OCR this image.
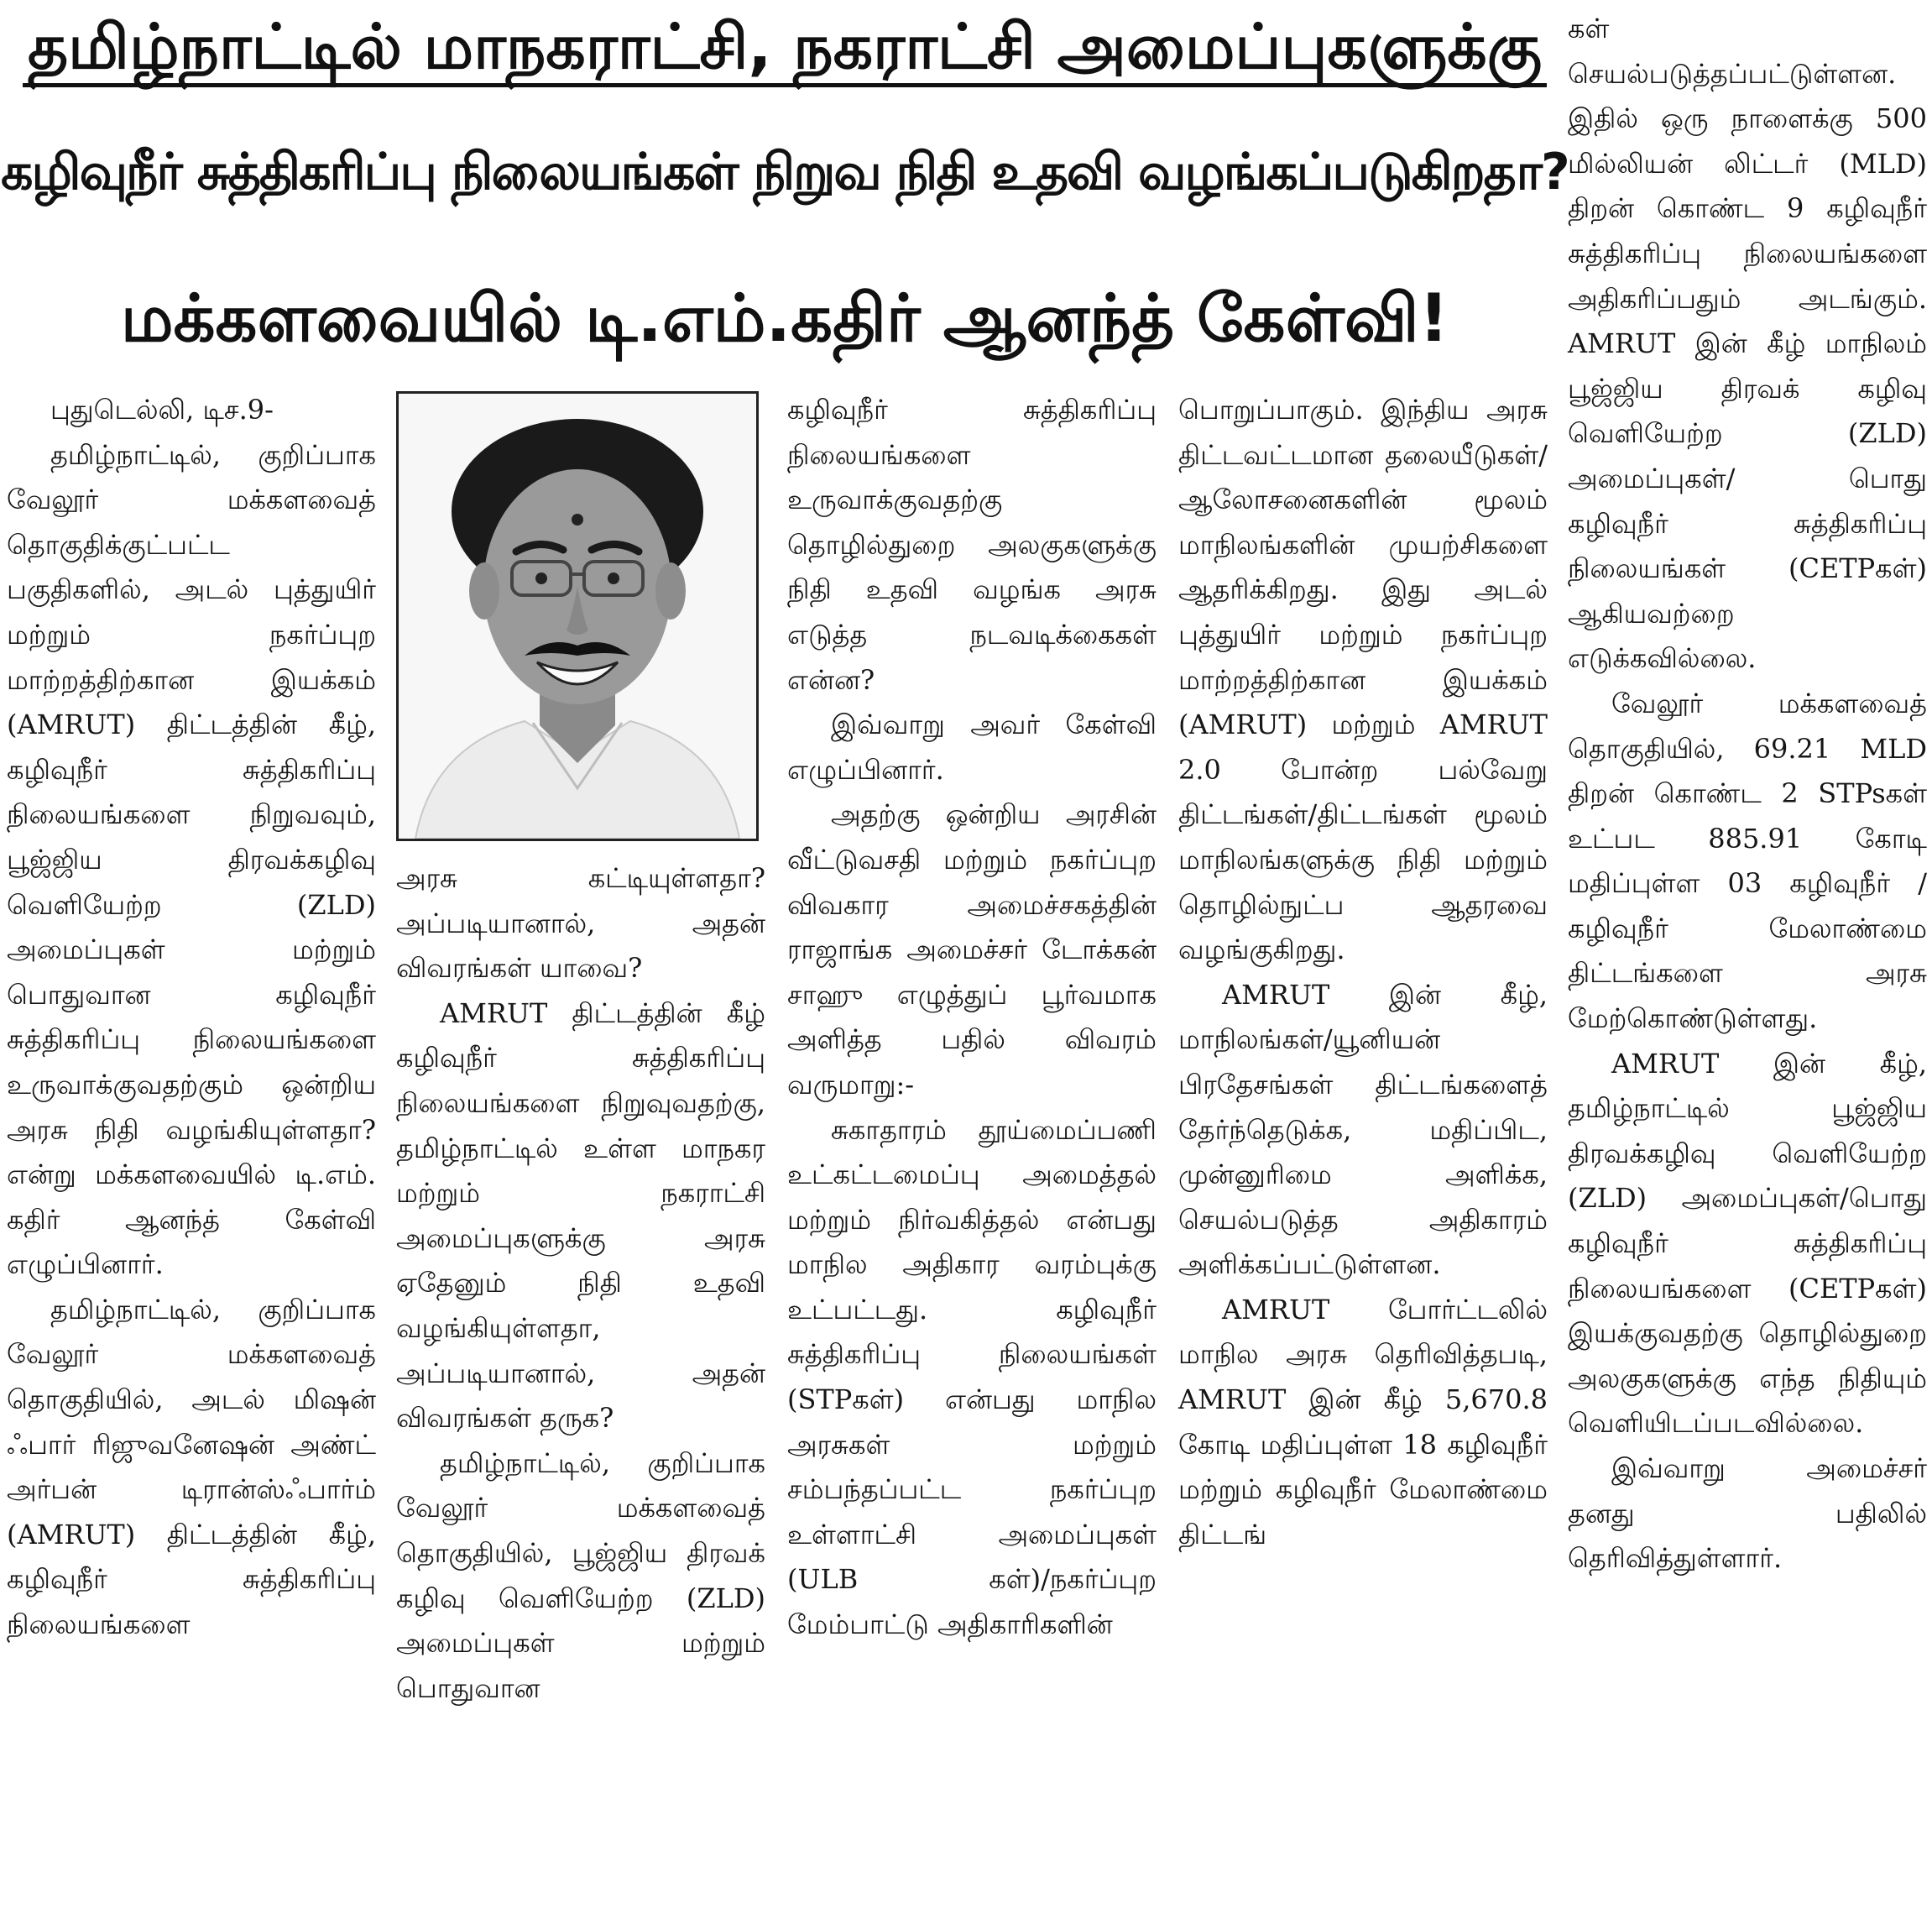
தமிழ்நாட்டில் மாநகராட்சி, நகராட்சி அமைப்புகளுக்கு
கழிவுநீர் சுத்திகரிப்பு நிலையங்கள் நிறுவ நிதி உதவி வழங்கப்படுகிறதா?
மக்களவையில் டி.எம்.கதிர் ஆனந்த் கேள்வி!

புதுடெல்லி, டிச.9-

தமிழ்நாட்டில், குறிப்பாக வேலூர் மக்களவைத் தொகுதிக்குட்பட்ட பகுதிகளில், அடல் புத்துயிர் மற்றும் நகர்ப்புற மாற்றத்திற்கான இயக்கம் (AMRUT) திட்டத்தின் கீழ், கழிவுநீர் சுத்திகரிப்பு நிலையங்களை நிறுவவும், பூஜ்ஜிய திரவக்கழிவு வெளியேற்ற (ZLD) அமைப்புகள் மற்றும் பொதுவான கழிவுநீர் சுத்திகரிப்பு நிலையங்களை உருவாக்குவதற்கும் ஒன்றிய அரசு நிதி வழங்கியுள்ளதா? என்று மக்களவையில் டி.எம். கதிர் ஆனந்த் கேள்வி எழுப்பினார்.

தமிழ்நாட்டில், குறிப்பாக வேலூர் மக்களவைத் தொகுதியில், அடல் மிஷன் ஃபார் ரிஜுவனேஷன் அண்ட் அர்பன் டிரான்ஸ்ஃபார்ம் (AMRUT) திட்டத்தின் கீழ், கழிவுநீர் சுத்திகரிப்பு நிலையங்களை

அரசு கட்டியுள்ளதா? அப்படியானால், அதன் விவரங்கள் யாவை?

AMRUT திட்டத்தின் கீழ் கழிவுநீர் சுத்திகரிப்பு நிலையங்களை நிறுவுவதற்கு, தமிழ்நாட்டில் உள்ள மாநகர மற்றும் நகராட்சி அமைப்புகளுக்கு அரசு ஏதேனும் நிதி உதவி வழங்கியுள்ளதா, அப்படியானால், அதன் விவரங்கள் தருக?

தமிழ்நாட்டில், குறிப்பாக வேலூர் மக்களவைத் தொகுதியில், பூஜ்ஜிய திரவக் கழிவு வெளியேற்ற (ZLD) அமைப்புகள் மற்றும் பொதுவான

கழிவுநீர் சுத்திகரிப்பு நிலையங்களை உருவாக்குவதற்கு தொழில்துறை அலகுகளுக்கு நிதி உதவி வழங்க அரசு எடுத்த நடவடிக்கைகள் என்ன?

இவ்வாறு அவர் கேள்வி எழுப்பினார்.

அதற்கு ஒன்றிய அரசின் வீட்டுவசதி மற்றும் நகர்ப்புற விவகார அமைச்சகத்தின் ராஜாங்க அமைச்சர் டோக்கன் சாஹு எழுத்துப் பூர்வமாக அளித்த பதில் விவரம் வருமாறு:-

சுகாதாரம் தூய்மைப்பணி உட்கட்டமைப்பு அமைத்தல் மற்றும் நிர்வகித்தல் என்பது மாநில அதிகார வரம்புக்கு உட்பட்டது. கழிவுநீர் சுத்திகரிப்பு நிலையங்கள் (STPகள்) என்பது மாநில அரசுகள் மற்றும் சம்பந்தப்பட்ட நகர்ப்புற உள்ளாட்சி அமைப்புகள் (ULB கள்)/நகர்ப்புற மேம்பாட்டு அதிகாரிகளின்

பொறுப்பாகும். இந்திய அரசு திட்டவட்டமான தலையீடுகள்/ஆலோசனைகளின் மூலம் மாநிலங்களின் முயற்சிகளை ஆதரிக்கிறது. இது அடல் புத்துயிர் மற்றும் நகர்ப்புற மாற்றத்திற்கான இயக்கம் (AMRUT) மற்றும் AMRUT 2.0 போன்ற பல்வேறு திட்டங்கள்/திட்டங்கள் மூலம் மாநிலங்களுக்கு நிதி மற்றும் தொழில்நுட்ப ஆதரவை வழங்குகிறது.

AMRUT இன் கீழ், மாநிலங்கள்/யூனியன் பிரதேசங்கள் திட்டங்களைத் தேர்ந்தெடுக்க, மதிப்பிட, முன்னுரிமை அளிக்க, செயல்படுத்த அதிகாரம் அளிக்கப்பட்டுள்ளன.

AMRUT போர்ட்டலில் மாநில அரசு தெரிவித்தபடி, AMRUT இன் கீழ் 5,670.8 கோடி மதிப்புள்ள 18 கழிவுநீர் மற்றும் கழிவுநீர் மேலாண்மை திட்டங்

கள் செயல்படுத்தப்பட்டுள்ளன. இதில் ஒரு நாளைக்கு 500 மில்லியன் லிட்டர் (MLD) திறன் கொண்ட 9 கழிவுநீர் சுத்திகரிப்பு நிலையங்களை அதிகரிப்பதும் அடங்கும். AMRUT இன் கீழ் மாநிலம் பூஜ்ஜிய திரவக் கழிவு வெளியேற்ற (ZLD) அமைப்புகள்/ பொது கழிவுநீர் சுத்திகரிப்பு நிலையங்கள் (CETPகள்) ஆகியவற்றை எடுக்கவில்லை.

வேலூர் மக்களவைத் தொகுதியில், 69.21 MLD திறன் கொண்ட 2 STPsகள் உட்பட 885.91 கோடி மதிப்புள்ள 03 கழிவுநீர் / கழிவுநீர் மேலாண்மை திட்டங்களை அரசு மேற்கொண்டுள்ளது.

AMRUT இன் கீழ், தமிழ்நாட்டில் பூஜ்ஜிய திரவக்கழிவு வெளியேற்ற (ZLD) அமைப்புகள்/பொது கழிவுநீர் சுத்திகரிப்பு நிலையங்களை (CETPகள்) இயக்குவதற்கு தொழில்துறை அலகுகளுக்கு எந்த நிதியும் வெளியிடப்படவில்லை.

இவ்வாறு அமைச்சர் தனது பதிலில் தெரிவித்துள்ளார்.
